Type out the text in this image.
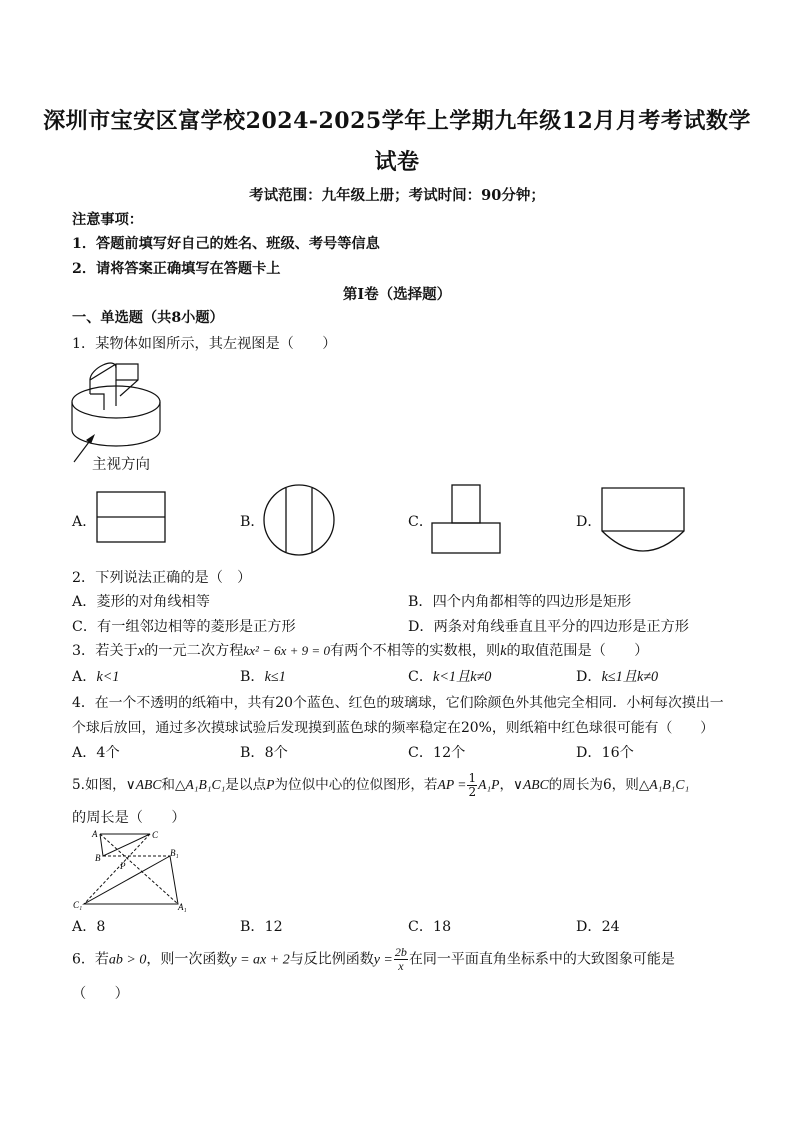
深圳市宝安区富学校2024-2025学年上学期九年级12月月考考试数学
试卷
考试范围：九年级上册；考试时间：90分钟；
注意事项：
1．答题前填写好自己的姓名、班级、考号等信息
2．请将答案正确填写在答题卡上
第I卷（选择题）
一、单选题（共8小题）
1．某物体如图所示，其左视图是（　　）
主视方向
A．	B．	C．	D．
2．下列说法正确的是（　）
A．菱形的对角线相等	B．四个内角都相等的四边形是矩形
C．有一组邻边相等的菱形是正方形	D．两条对角线垂直且平分的四边形是正方形
3．若关于x的一元二次方程kx² − 6x + 9 = 0有两个不相等的实数根，则k的取值范围是（　　）
A．k<1	B．k≤1	C．k<1且k≠0	D．k≤1且k≠0
4．在一个不透明的纸箱中，共有20个蓝色、红色的玻璃球，它们除颜色外其他完全相同．小柯每次摸出一
个球后放回，通过多次摸球试验后发现摸到蓝色球的频率稳定在20%，则纸箱中红色球很可能有（　　）
A．4个	B．8个	C．12个	D．16个
5.如图，∨ABC和△A₁B₁C₁是以点P为位似中心的位似图形，若AP = $\frac{1}{2} A_1P$，∨ABC的周长为6，则△A₁B₁C₁
的周长是（　　）
A	C
B	B₁
P
C₁	A₁
A．8	B．12	C．18	D．24
6．若ab > 0，则一次函数y = ax + 2与反比例函数$y = \frac{2b}{x}$ 在同一平面直角坐标系中的大致图象可能是
（　　）
